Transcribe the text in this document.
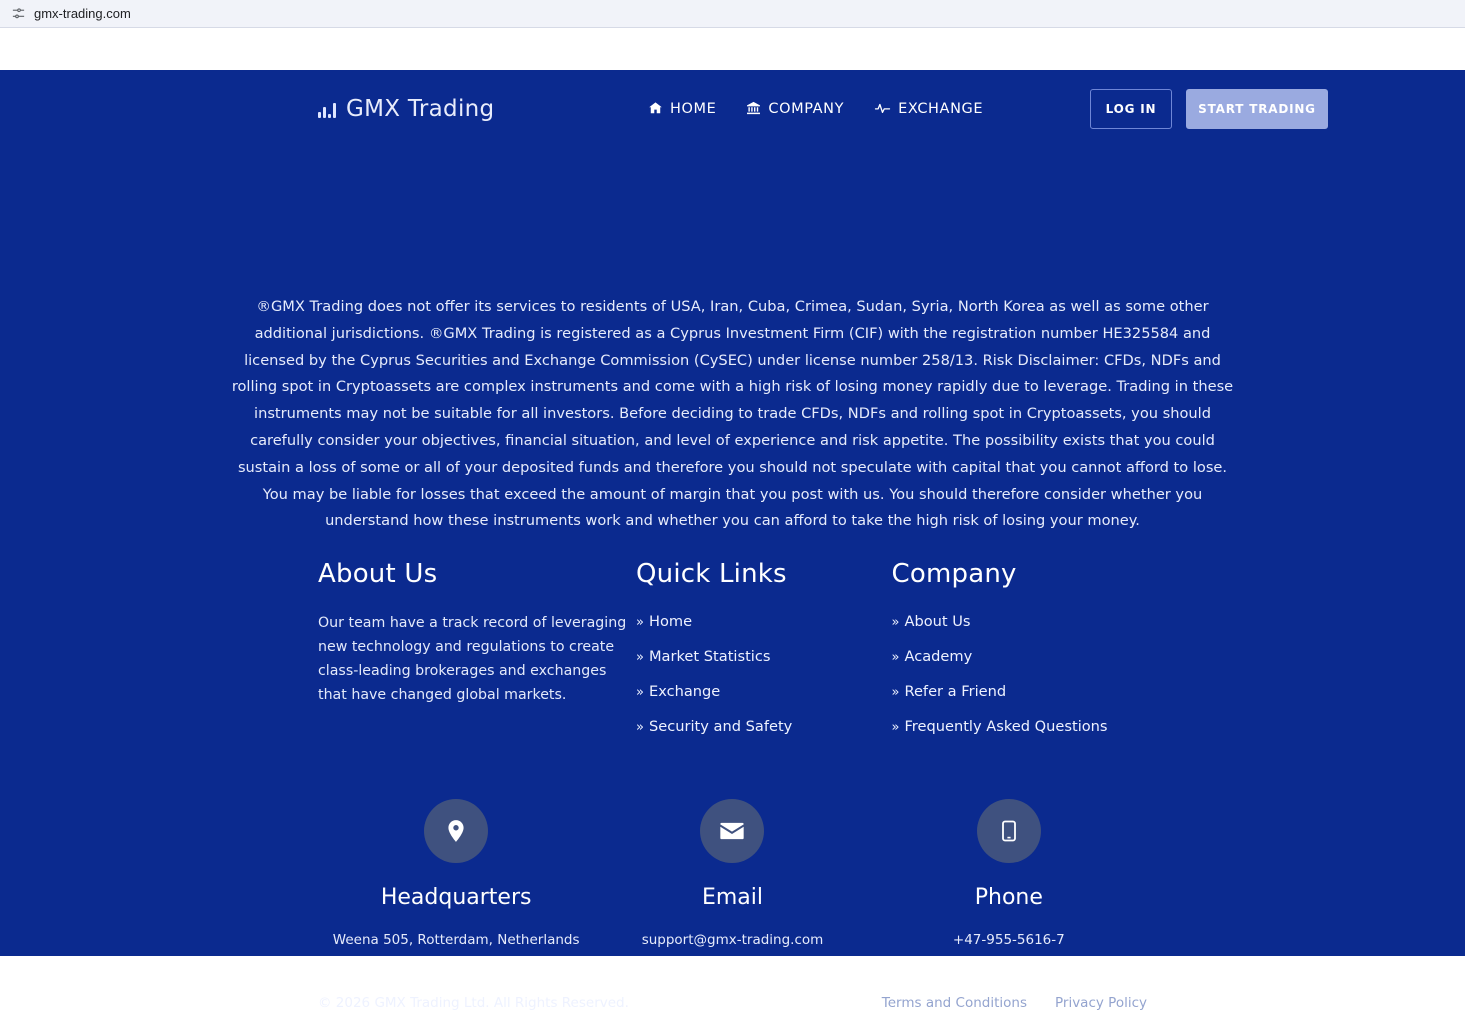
gmx-trading.com
GMX Trading	HOME	COMPANY	EXCHANGE	LOG IN	START TRADING
®GMX Trading does not offer its services to residents of USA, Iran, Cuba, Crimea, Sudan, Syria, North Korea as well as some other additional jurisdictions. ®GMX Trading is registered as a Cyprus Investment Firm (CIF) with the registration number HE325584 and licensed by the Cyprus Securities and Exchange Commission (CySEC) under license number 258/13. Risk Disclaimer: CFDs, NDFs and rolling spot in Cryptoassets are complex instruments and come with a high risk of losing money rapidly due to leverage. Trading in these instruments may not be suitable for all investors. Before deciding to trade CFDs, NDFs and rolling spot in Cryptoassets, you should carefully consider your objectives, financial situation, and level of experience and risk appetite. The possibility exists that you could sustain a loss of some or all of your deposited funds and therefore you should not speculate with capital that you cannot afford to lose. You may be liable for losses that exceed the amount of margin that you post with us. You should therefore consider whether you understand how these instruments work and whether you can afford to take the high risk of losing your money.
About Us
Our team have a track record of leveraging new technology and regulations to create class-leading brokerages and exchanges that have changed global markets.
Quick Links
» Home
» Market Statistics
» Exchange
» Security and Safety
Company
» About Us
» Academy
» Refer a Friend
» Frequently Asked Questions
Headquarters
Weena 505, Rotterdam, Netherlands
Email
support@gmx-trading.com
Phone
+47-955-5616-7
© 2026 GMX Trading Ltd. All Rights Reserved.	Terms and Conditions Privacy Policy
